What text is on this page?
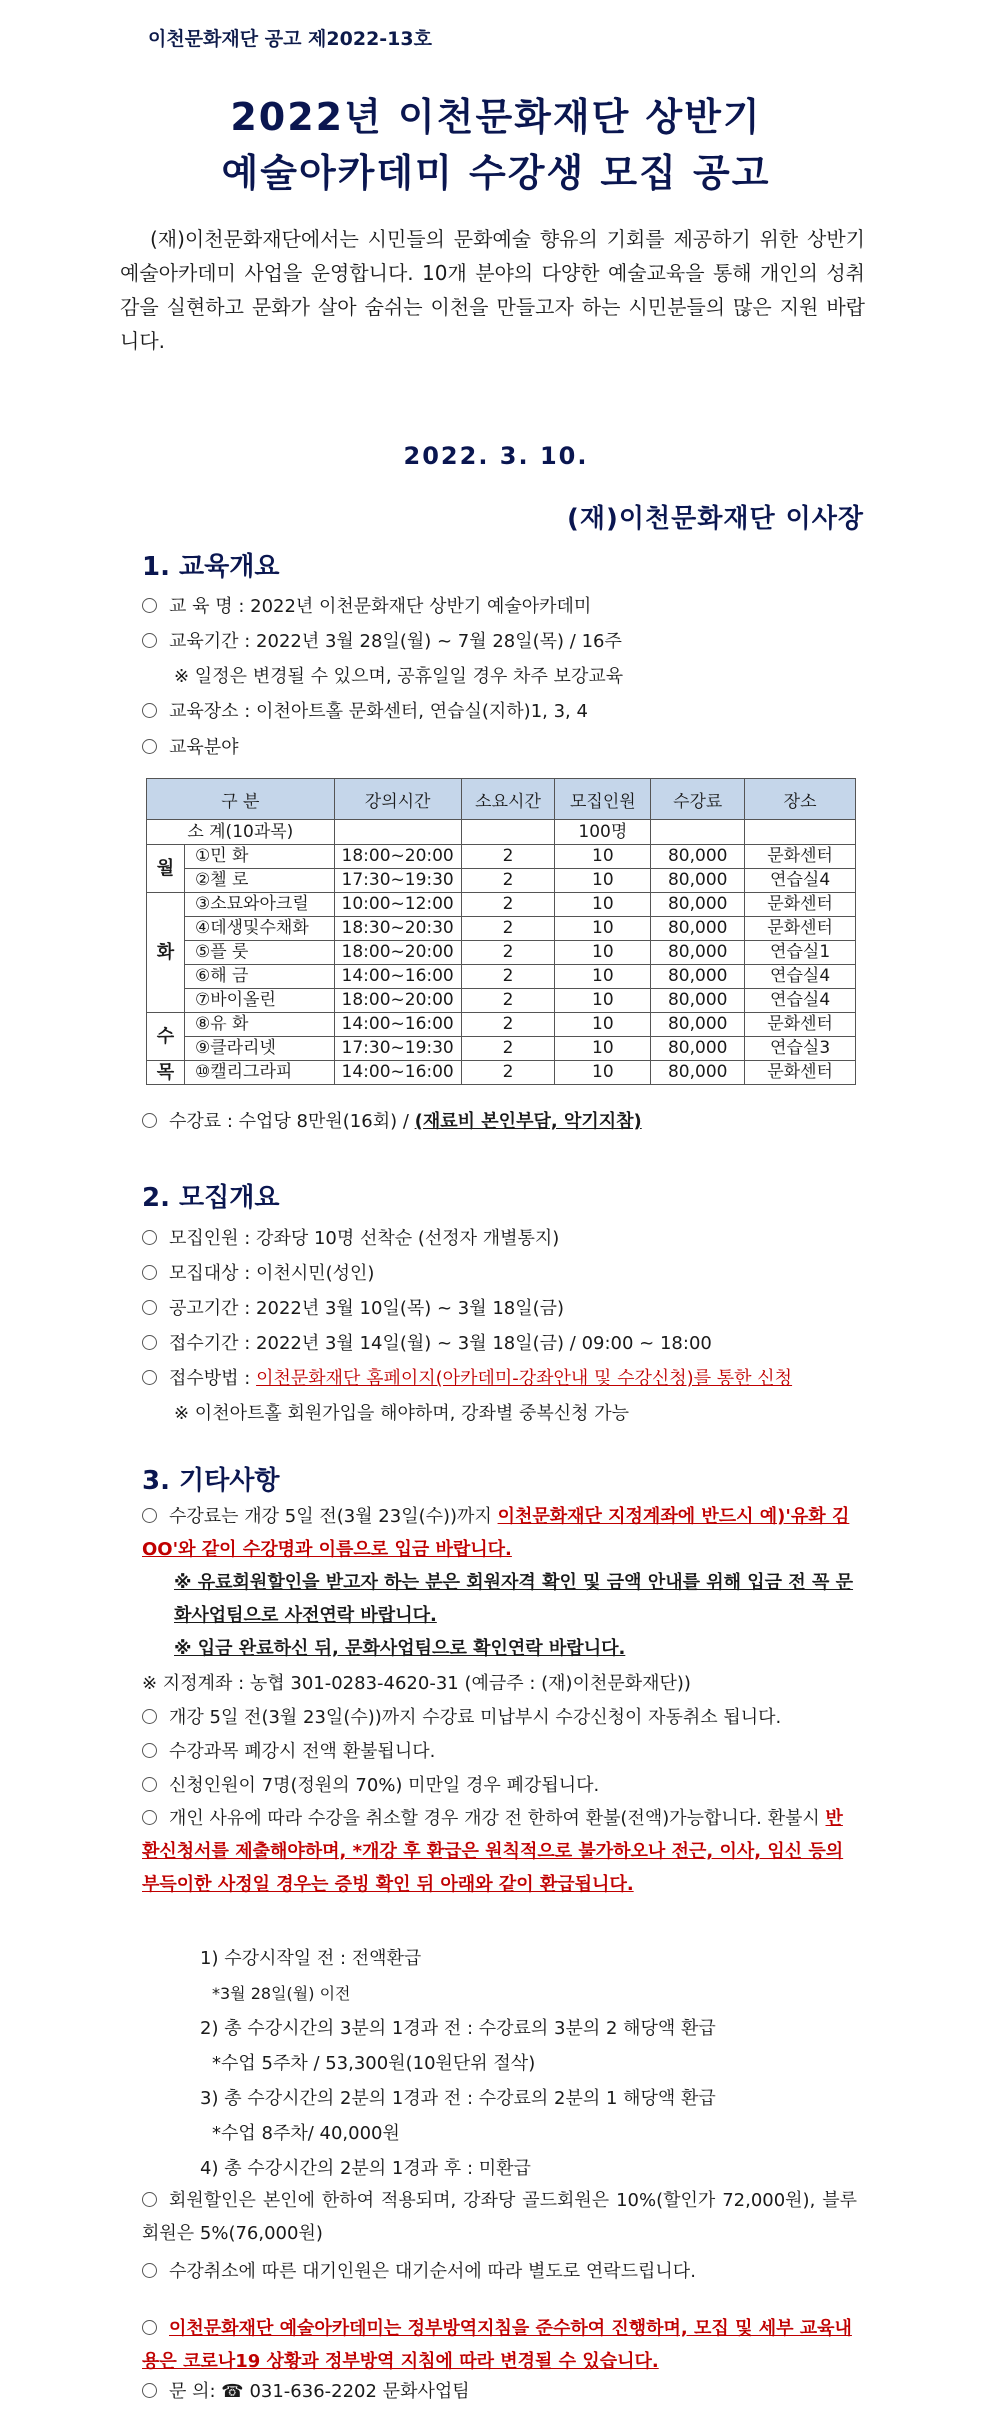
이천문화재단 공고 제2022-13호
2022년 이천문화재단 상반기
예술아카데미 수강생 모집 공고
(재)이천문화재단에서는 시민들의 문화예술 향유의 기회를 제공하기 위한 상반기 예술아카데미 사업을 운영합니다. 10개 분야의 다양한 예술교육을 통해 개인의 성취감을 실현하고 문화가 살아 숨쉬는 이천을 만들고자 하는 시민분들의 많은 지원 바랍니다.
2022. 3. 10.
(재)이천문화재단 이사장
1. 교육개요
교 육 명 : 2022년 이천문화재단 상반기 예술아카데미
교육기간 : 2022년 3월 28일(월) ~ 7월 28일(목) / 16주
※ 일정은 변경될 수 있으며, 공휴일일 경우 차주 보강교육
교육장소 : 이천아트홀 문화센터, 연습실(지하)1, 3, 4
교육분야
구 분		강의시간	소요시간	모집인원	수강료	장소
소 계(10과목)				100명		
월	①민 화	18:00~20:00	2	10	80,000	문화센터
	②첼 로	17:30~19:30	2	10	80,000	연습실4
화	③소묘와아크릴	10:00~12:00	2	10	80,000	문화센터
	④데생및수채화	18:30~20:30	2	10	80,000	문화센터
	⑤플 룻	18:00~20:00	2	10	80,000	연습실1
	⑥해 금	14:00~16:00	2	10	80,000	연습실4
	⑦바이올린	18:00~20:00	2	10	80,000	연습실4
수	⑧유 화	14:00~16:00	2	10	80,000	문화센터
	⑨클라리넷	17:30~19:30	2	10	80,000	연습실3
목	⑩캘리그라피	14:00~16:00	2	10	80,000	문화센터
수강료 : 수업당 8만원(16회) / (재료비 본인부담, 악기지참)
2. 모집개요
모집인원 : 강좌당 10명 선착순 (선정자 개별통지)
모집대상 : 이천시민(성인)
공고기간 : 2022년 3월 10일(목) ~ 3월 18일(금)
접수기간 : 2022년 3월 14일(월) ~ 3월 18일(금) / 09:00 ~ 18:00
접수방법 : 이천문화재단 홈페이지(아카데미-강좌안내 및 수강신청)를 통한 신청
※ 이천아트홀 회원가입을 해야하며, 강좌별 중복신청 가능
3. 기타사항
수강료는 개강 5일 전(3월 23일(수))까지 이천문화재단 지정계좌에 반드시 예)'유화 김OO'와 같이 수강명과 이름으로 입금 바랍니다.
※ 유료회원할인을 받고자 하는 분은 회원자격 확인 및 금액 안내를 위해 입금 전 꼭 문화사업팀으로 사전연락 바랍니다.
※ 입금 완료하신 뒤, 문화사업팀으로 확인연락 바랍니다.
※ 지정계좌 : 농협 301-0283-4620-31 (예금주 : (재)이천문화재단))
개강 5일 전(3월 23일(수))까지 수강료 미납부시 수강신청이 자동취소 됩니다.
수강과목 폐강시 전액 환불됩니다.
신청인원이 7명(정원의 70%) 미만일 경우 폐강됩니다.
개인 사유에 따라 수강을 취소할 경우 개강 전 한하여 환불(전액)가능합니다. 환불시 반환신청서를 제출해야하며, *개강 후 환급은 원칙적으로 불가하오나 전근, 이사, 임신 등의 부득이한 사정일 경우는 증빙 확인 뒤 아래와 같이 환급됩니다.
1) 수강시작일 전 : 전액환급
*3월 28일(월) 이전
2) 총 수강시간의 3분의 1경과 전 : 수강료의 3분의 2 해당액 환급
*수업 5주차 / 53,300원(10원단위 절삭)
3) 총 수강시간의 2분의 1경과 전 : 수강료의 2분의 1 해당액 환급
*수업 8주차/ 40,000원
4) 총 수강시간의 2분의 1경과 후 : 미환급
회원할인은 본인에 한하여 적용되며, 강좌당 골드회원은 10%(할인가 72,000원), 블루회원은 5%(76,000원)
수강취소에 따른 대기인원은 대기순서에 따라 별도로 연락드립니다.
이천문화재단 예술아카데미는 정부방역지침을 준수하여 진행하며, 모집 및 세부 교육내용은 코로나19 상황과 정부방역 지침에 따라 변경될 수 있습니다.
문 의: ☎ 031-636-2202 문화사업팀
